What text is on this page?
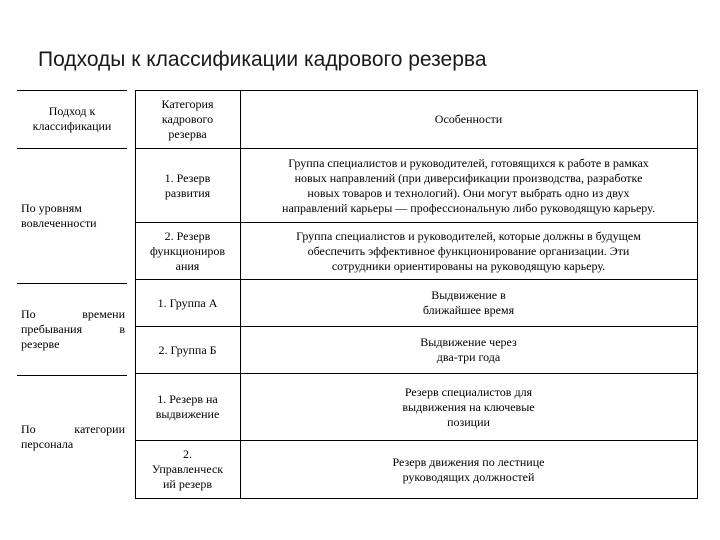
Подходы к классификации кадрового резерва
Подход к
классификации
Категория
кадрового
резерва
Особенности
По уровням
вовлеченности
1. Резерв
развития
Группа специалистов и руководителей, готовящихся к работе в рамках
новых направлений (при диверсификации производства, разработке
новых товаров и технологий). Они могут выбрать одно из двух
направлений карьеры — профессиональную либо руководящую карьеру.
2. Резерв
функциониров
ания
Группа специалистов и руководителей, которые должны в будущем
обеспечить эффективное функционирование организации. Эти
сотрудники ориентированы на руководящую карьеру.
По времени
пребывания в
резерве
1. Группа А
Выдвижение в
ближайшее время
2. Группа Б
Выдвижение через
два-три года
По категории
персонала
1. Резерв на
выдвижение
Резерв специалистов для
выдвижения на ключевые
позиции
2.
Управленческ
ий резерв
Резерв движения по лестнице
руководящих должностей
